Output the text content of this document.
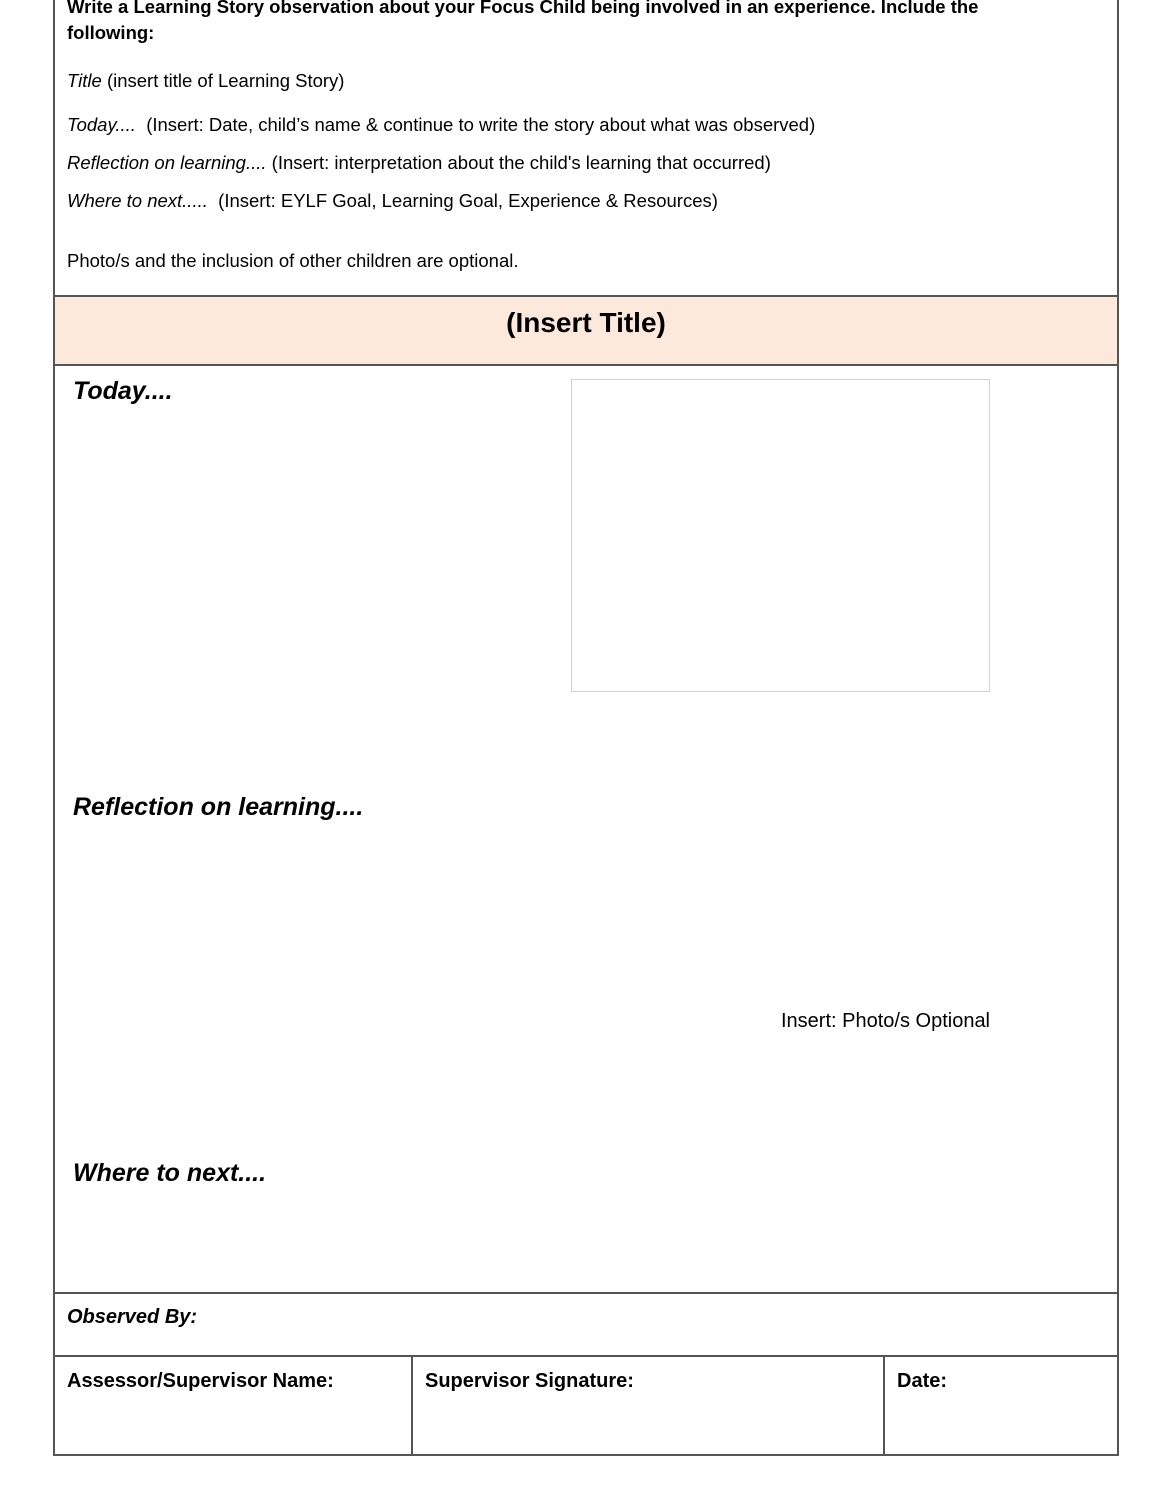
Write a Learning Story observation about your Focus Child being involved in an experience. Include the
following:
Title (insert title of Learning Story)
Today.... (Insert: Date, child’s name & continue to write the story about what was observed)
Reflection on learning.... (Insert: interpretation about the child's learning that occurred)
Where to next..... (Insert: EYLF Goal, Learning Goal, Experience & Resources)
Photo/s and the inclusion of other children are optional.
(Insert Title)
Today....
Reflection on learning....
Insert: Photo/s Optional
Where to next....
Observed By:
Assessor/Supervisor Name:	Supervisor Signature:	Date:
